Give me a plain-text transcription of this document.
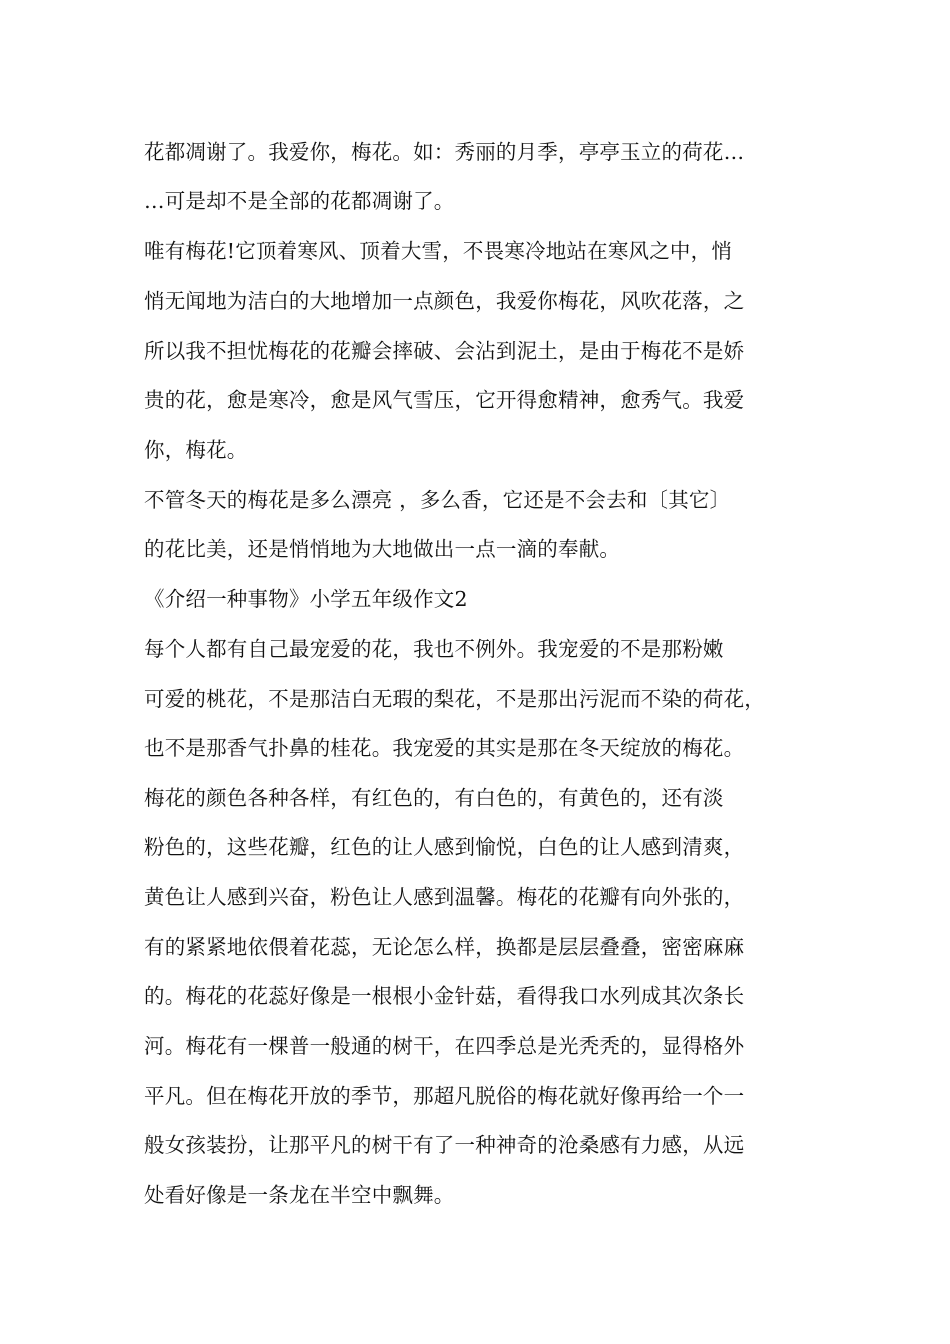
花都凋谢了。我爱你，梅花。如：秀丽的月季，亭亭玉立的荷花…
…可是却不是全部的花都凋谢了。
唯有梅花!它顶着寒风、顶着大雪，不畏寒冷地站在寒风之中，悄
悄无闻地为洁白的大地增加一点颜色，我爱你梅花，风吹花落，之
所以我不担忧梅花的花瓣会摔破、会沾到泥土，是由于梅花不是娇
贵的花，愈是寒冷，愈是风气雪压，它开得愈精神，愈秀气。我爱
你，梅花。
不管冬天的梅花是多么漂亮 ，多么香，它还是不会去和〔其它〕
的花比美，还是悄悄地为大地做出一点一滴的奉献。
《介绍一种事物》小学五年级作文2
每个人都有自己最宠爱的花，我也不例外。我宠爱的不是那粉嫩
可爱的桃花，不是那洁白无瑕的梨花，不是那出污泥而不染的荷花，
也不是那香气扑鼻的桂花。我宠爱的其实是那在冬天绽放的梅花。
梅花的颜色各种各样，有红色的，有白色的，有黄色的，还有淡
粉色的，这些花瓣，红色的让人感到愉悦，白色的让人感到清爽，
黄色让人感到兴奋，粉色让人感到温馨。梅花的花瓣有向外张的，
有的紧紧地依偎着花蕊，无论怎么样，换都是层层叠叠，密密麻麻
的。梅花的花蕊好像是一根根小金针菇，看得我口水列成其次条长
河。梅花有一棵普一般通的树干，在四季总是光秃秃的，显得格外
平凡。但在梅花开放的季节，那超凡脱俗的梅花就好像再给一个一
般女孩装扮，让那平凡的树干有了一种神奇的沧桑感有力感，从远
处看好像是一条龙在半空中飘舞。
